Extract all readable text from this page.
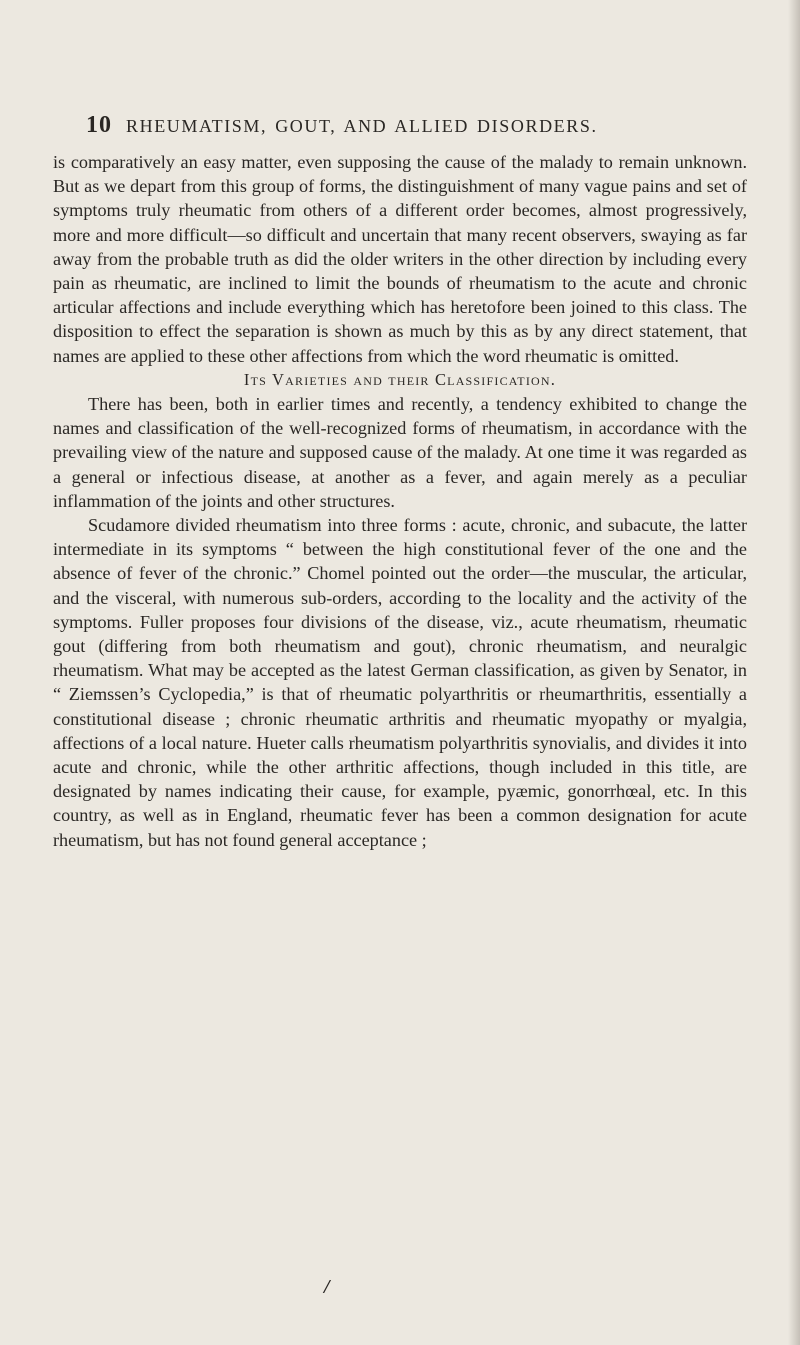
10 RHEUMATISM, GOUT, AND ALLIED DISORDERS.

is comparatively an easy matter, even supposing the cause of the malady to remain unknown. But as we depart from this group of forms, the distinguishment of many vague pains and set of symptoms truly rheumatic from others of a different order becomes, almost progressively, more and more difficult—so difficult and uncertain that many recent observers, swaying as far away from the probable truth as did the older writers in the other direction by including every pain as rheumatic, are inclined to limit the bounds of rheumatism to the acute and chronic articular affections and include everything which has heretofore been joined to this class. The disposition to effect the separation is shown as much by this as by any direct statement, that names are applied to these other affections from which the word rheumatic is omitted.

Its Varieties and their Classification.

There has been, both in earlier times and recently, a tendency exhibited to change the names and classification of the well-recognized forms of rheumatism, in accordance with the prevailing view of the nature and supposed cause of the malady. At one time it was regarded as a general or infectious disease, at another as a fever, and again merely as a peculiar inflammation of the joints and other structures.

Scudamore divided rheumatism into three forms : acute, chronic, and subacute, the latter intermediate in its symptoms “ between the high constitutional fever of the one and the absence of fever of the chronic.” Chomel pointed out the order—the muscular, the articular, and the visceral, with numerous sub-orders, according to the locality and the activity of the symptoms. Fuller proposes four divisions of the disease, viz., acute rheumatism, rheumatic gout (differing from both rheumatism and gout), chronic rheumatism, and neuralgic rheumatism. What may be accepted as the latest German classification, as given by Senator, in “ Ziemssen’s Cyclopedia,” is that of rheumatic polyarthritis or rheumarthritis, essentially a constitutional disease ; chronic rheumatic arthritis and rheumatic myopathy or myalgia, affections of a local nature. Hueter calls rheumatism polyarthritis synovialis, and divides it into acute and chronic, while the other arthritic affections, though included in this title, are designated by names indicating their cause, for example, pyæmic, gonorrhœal, etc. In this country, as well as in England, rheumatic fever has been a common designation for acute rheumatism, but has not found general acceptance ;

/
